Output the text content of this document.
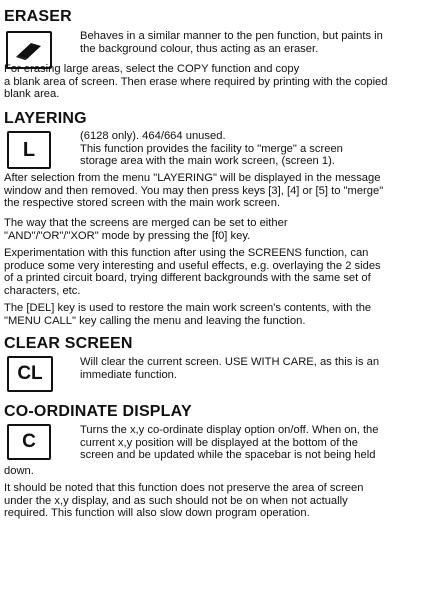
ERASER
Behaves in a similar manner to the pen function, but paints in
the background colour, thus acting as an eraser.
For erasing large areas, select the COPY function and copy
a blank area of screen. Then erase where required by printing with the copied
blank area.
LAYERING
L
(6128 only). 464/664 unused.
This function provides the facility to "merge" a screen
storage area with the main work screen, (screen 1).
After selection from the menu "LAYERING" will be displayed in the message
window and then removed. You may then press keys [3], [4] or [5] to "merge"
the respective stored screen with the main work screen.
The way that the screens are merged can be set to either
"AND"/"OR"/"XOR" mode by pressing the [f0] key.
Experimentation with this function after using the SCREENS function, can
produce some very interesting and useful effects, e.g. overlaying the 2 sides
of a printed circuit board, trying different backgrounds with the same set of
characters, etc.
The [DEL] key is used to restore the main work screen's contents, with the
"MENU CALL" key calling the menu and leaving the function.
CLEAR SCREEN
CL
Will clear the current screen. USE WITH CARE, as this is an
immediate function.
CO-ORDINATE DISPLAY
C
Turns the x,y co-ordinate display option on/off. When on, the
current x,y position will be displayed at the bottom of the
screen and be updated while the spacebar is not being held
down.
It should be noted that this function does not preserve the area of screen
under the x,y display, and as such should not be on when not actually
required. This function will also slow down program operation.
